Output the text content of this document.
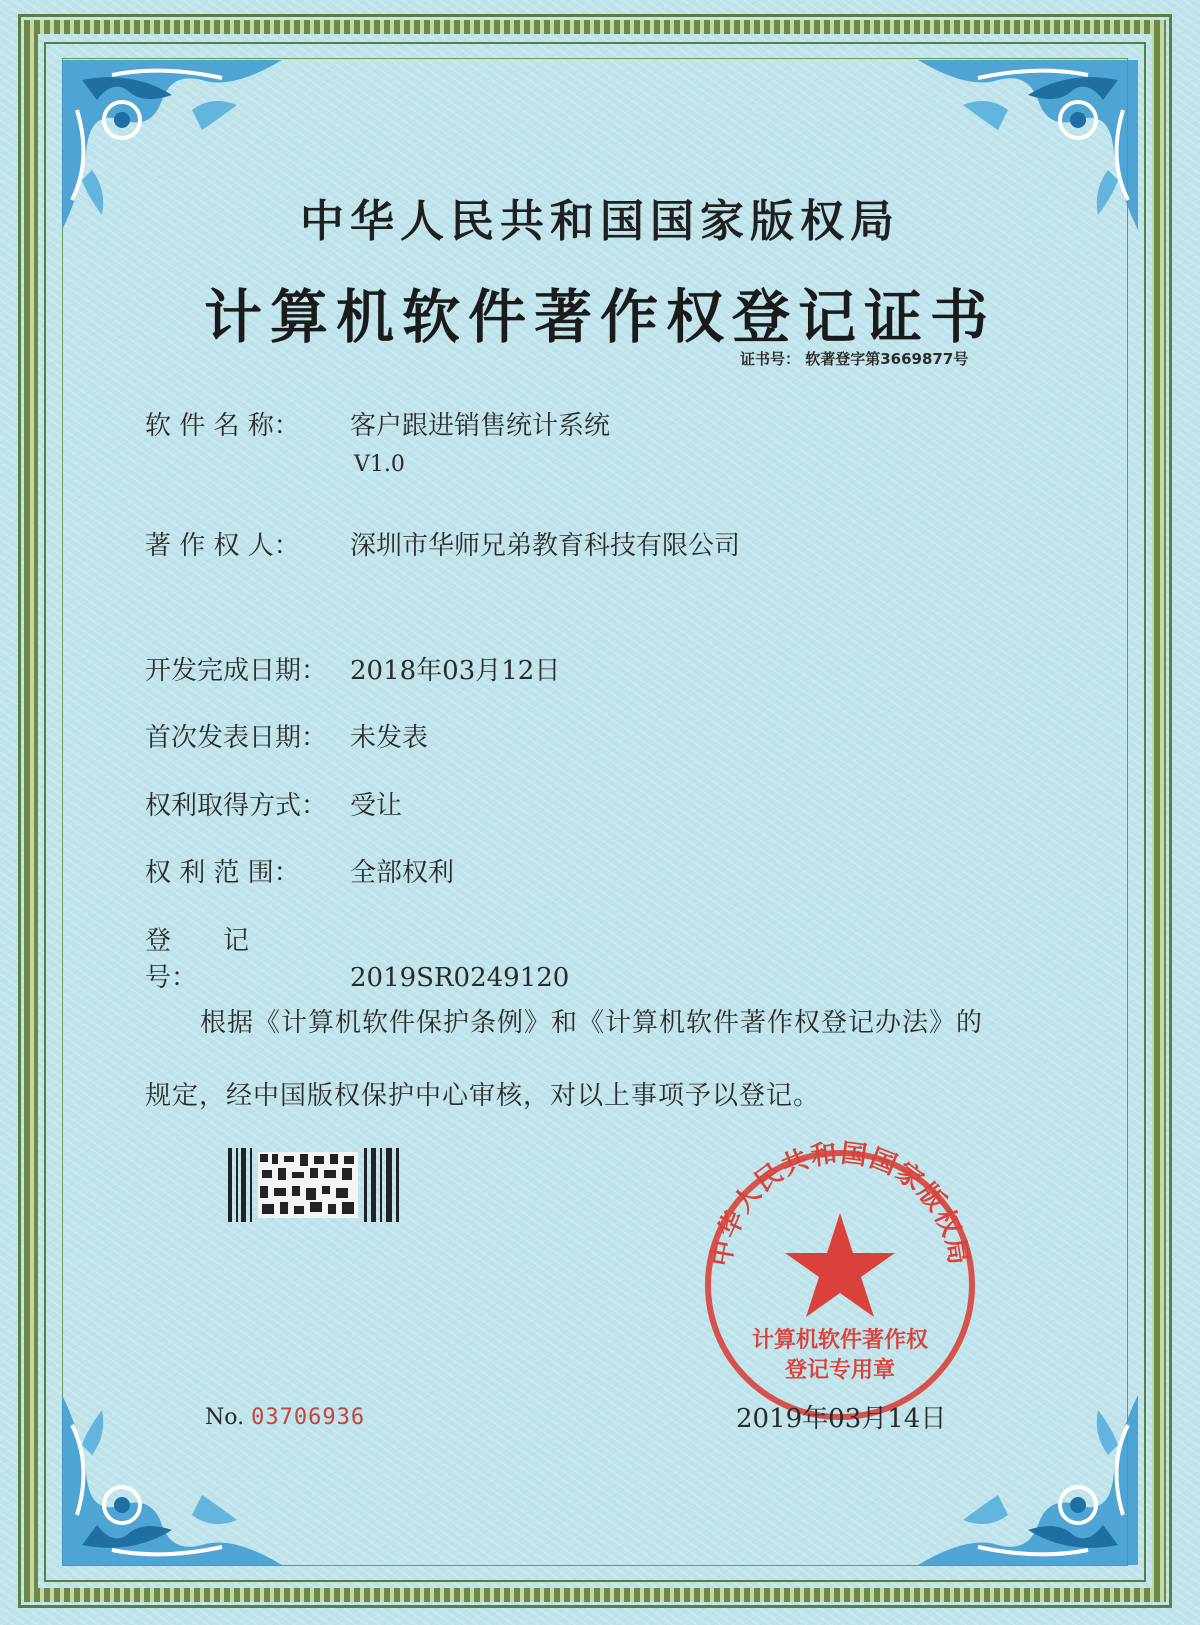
中华人民共和国国家版权局
计算机软件著作权登记证书
证书号： 软著登字第3669877号
软 件 名 称： 客户跟进销售统计系统
V1.0
著 作 权 人： 深圳市华师兄弟教育科技有限公司
开发完成日期： 2018年03月12日
首次发表日期： 未发表
权利取得方式： 受让
权 利 范 围： 全部权利
登　　记　　号：	2019SR0249120
根据《计算机软件保护条例》和《计算机软件著作权登记办法》的
规定，经中国版权保护中心审核，对以上事项予以登记。
中华人民共和国国家版权局
计算机软件著作权
登记专用章
2019年03月14日
No. 03706936
